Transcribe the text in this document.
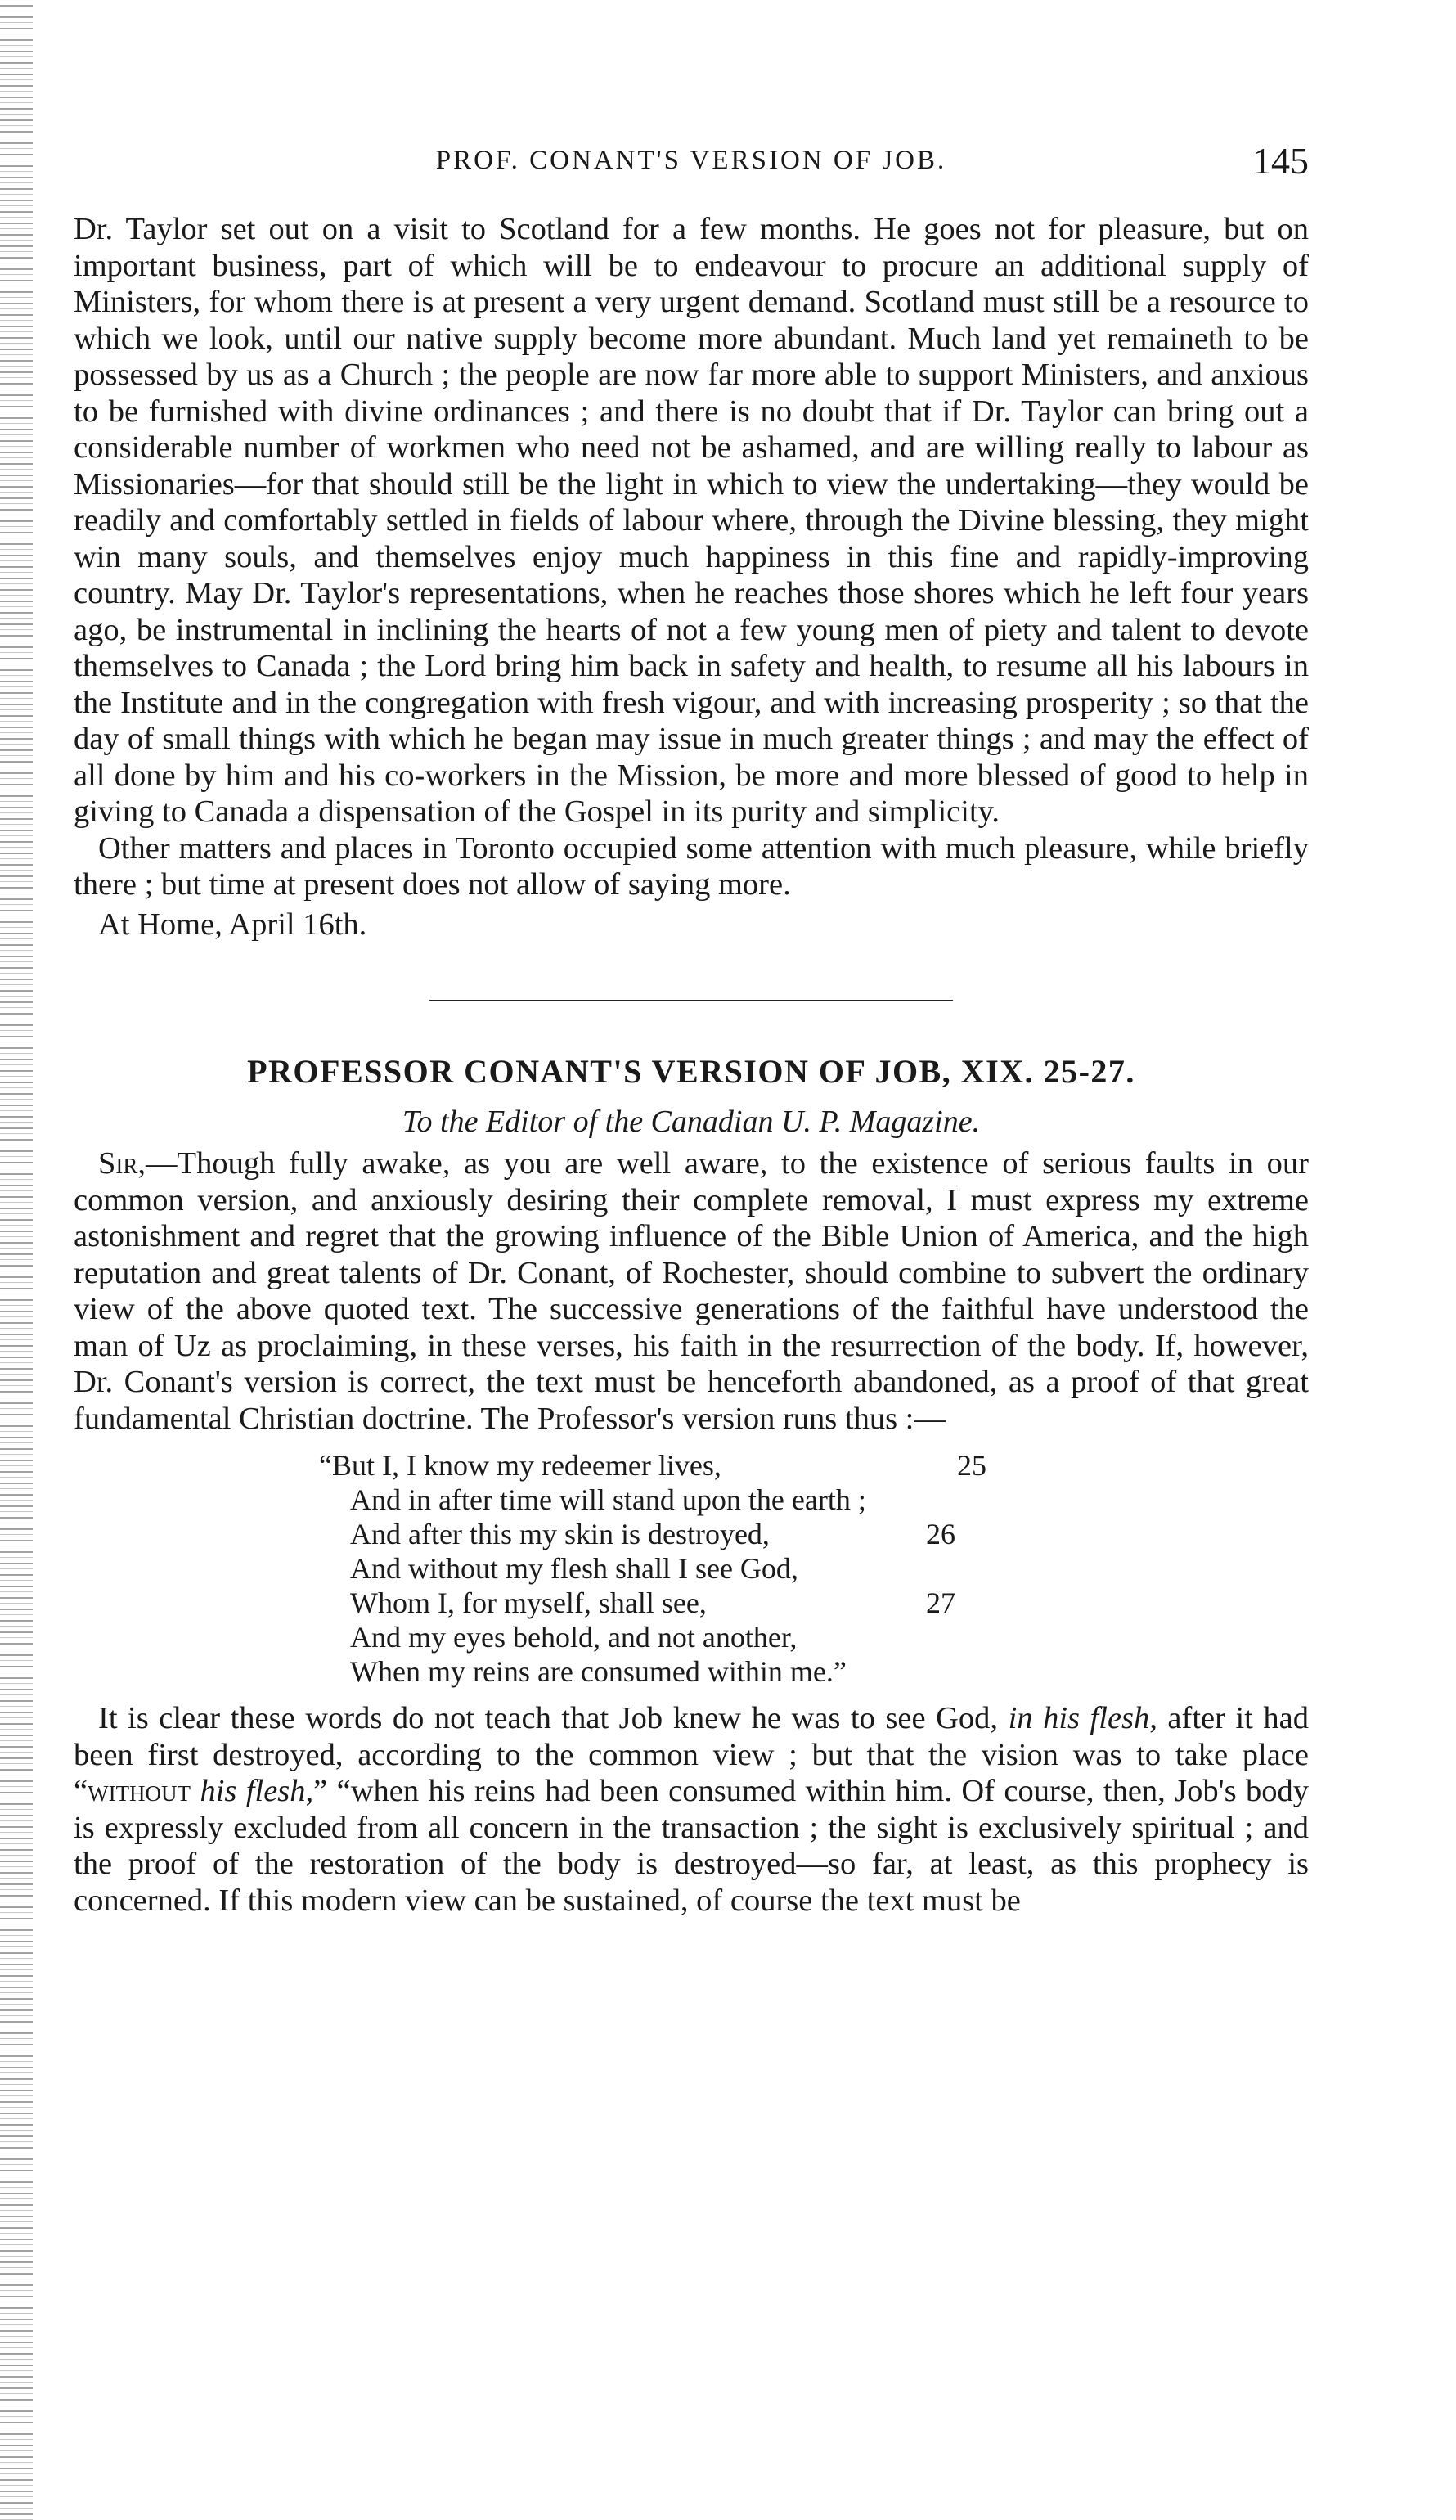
PROF. CONANT'S VERSION OF JOB.	145

Dr. Taylor set out on a visit to Scotland for a few months. He goes not for pleasure, but on important business, part of which will be to endeavour to procure an additional supply of Ministers, for whom there is at present a very urgent demand. Scotland must still be a resource to which we look, until our native supply become more abundant. Much land yet remaineth to be possessed by us as a Church ; the people are now far more able to support Ministers, and anxious to be furnished with divine ordinances ; and there is no doubt that if Dr. Taylor can bring out a considerable number of workmen who need not be ashamed, and are willing really to labour as Missionaries—for that should still be the light in which to view the undertaking—they would be readily and comfortably settled in fields of labour where, through the Divine blessing, they might win many souls, and themselves enjoy much happiness in this fine and rapidly-improving country. May Dr. Taylor's representations, when he reaches those shores which he left four years ago, be instrumental in inclining the hearts of not a few young men of piety and talent to devote themselves to Canada ; the Lord bring him back in safety and health, to resume all his labours in the Institute and in the congregation with fresh vigour, and with increasing prosperity ; so that the day of small things with which he began may issue in much greater things ; and may the effect of all done by him and his co-workers in the Mission, be more and more blessed of good to help in giving to Canada a dispensation of the Gospel in its purity and simplicity.

Other matters and places in Toronto occupied some attention with much pleasure, while briefly there ; but time at present does not allow of saying more.

At Home, April 16th.

PROFESSOR CONANT'S VERSION OF JOB, XIX. 25-27.

To the Editor of the Canadian U. P. Magazine.

Sir,—Though fully awake, as you are well aware, to the existence of serious faults in our common version, and anxiously desiring their complete removal, I must express my extreme astonishment and regret that the growing influence of the Bible Union of America, and the high reputation and great talents of Dr. Conant, of Rochester, should combine to subvert the ordinary view of the above quoted text. The successive generations of the faithful have understood the man of Uz as proclaiming, in these verses, his faith in the resurrection of the body. If, however, Dr. Conant's version is correct, the text must be henceforth abandoned, as a proof of that great fundamental Christian doctrine. The Professor's version runs thus :—

“But I, I know my redeemer lives,	25
And in after time will stand upon the earth ;
And after this my skin is destroyed,	26
And without my flesh shall I see God,
Whom I, for myself, shall see,	27
And my eyes behold, and not another,
When my reins are consumed within me.”

It is clear these words do not teach that Job knew he was to see God, in his flesh, after it had been first destroyed, according to the common view ; but that the vision was to take place “without his flesh,” “when his reins had been consumed within him. Of course, then, Job's body is expressly excluded from all concern in the transaction ; the sight is exclusively spiritual ; and the proof of the restoration of the body is destroyed—so far, at least, as this prophecy is concerned. If this modern view can be sustained, of course the text must be
